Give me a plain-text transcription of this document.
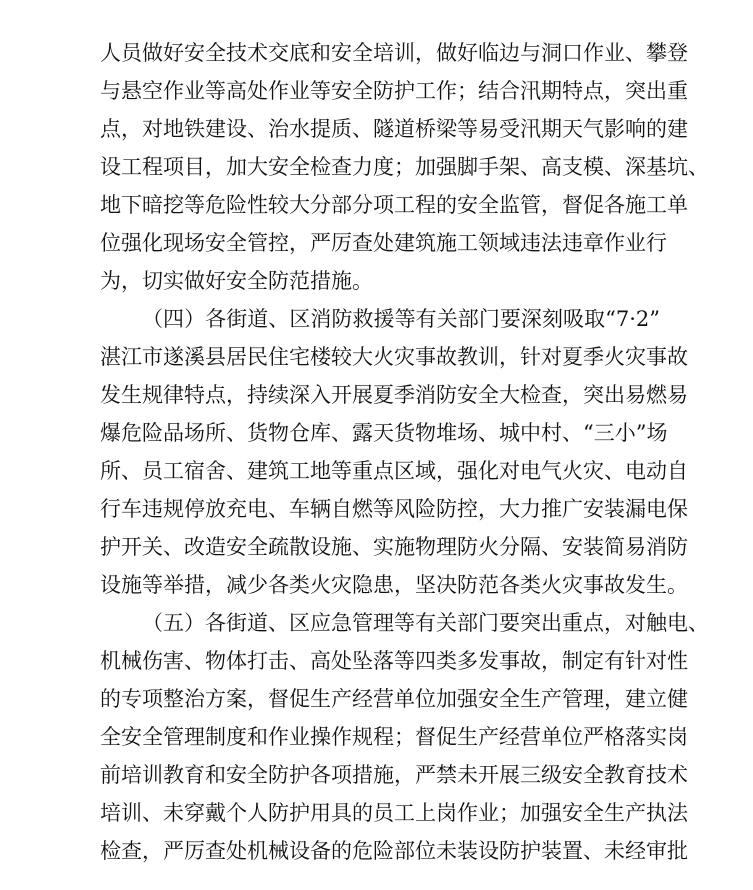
人员做好安全技术交底和安全培训，做好临边与洞口作业、攀登
与悬空作业等高处作业等安全防护工作；结合汛期特点，突出重
点，对地铁建设、治水提质、隧道桥梁等易受汛期天气影响的建
设工程项目，加大安全检查力度；加强脚手架、高支模、深基坑、
地下暗挖等危险性较大分部分项工程的安全监管，督促各施工单
位强化现场安全管控，严厉查处建筑施工领域违法违章作业行
为，切实做好安全防范措施。
（四）各街道、区消防救援等有关部门要深刻吸取“7·2”
湛江市遂溪县居民住宅楼较大火灾事故教训，针对夏季火灾事故
发生规律特点，持续深入开展夏季消防安全大检查，突出易燃易
爆危险品场所、货物仓库、露天货物堆场、城中村、“三小”场
所、员工宿舍、建筑工地等重点区域，强化对电气火灾、电动自
行车违规停放充电、车辆自燃等风险防控，大力推广安装漏电保
护开关、改造安全疏散设施、实施物理防火分隔、安装简易消防
设施等举措，减少各类火灾隐患，坚决防范各类火灾事故发生。
（五）各街道、区应急管理等有关部门要突出重点，对触电、
机械伤害、物体打击、高处坠落等四类多发事故，制定有针对性
的专项整治方案，督促生产经营单位加强安全生产管理，建立健
全安全管理制度和作业操作规程；督促生产经营单位严格落实岗
前培训教育和安全防护各项措施，严禁未开展三级安全教育技术
培训、未穿戴个人防护用具的员工上岗作业；加强安全生产执法
检查，严厉查处机械设备的危险部位未装设防护装置、未经审批
